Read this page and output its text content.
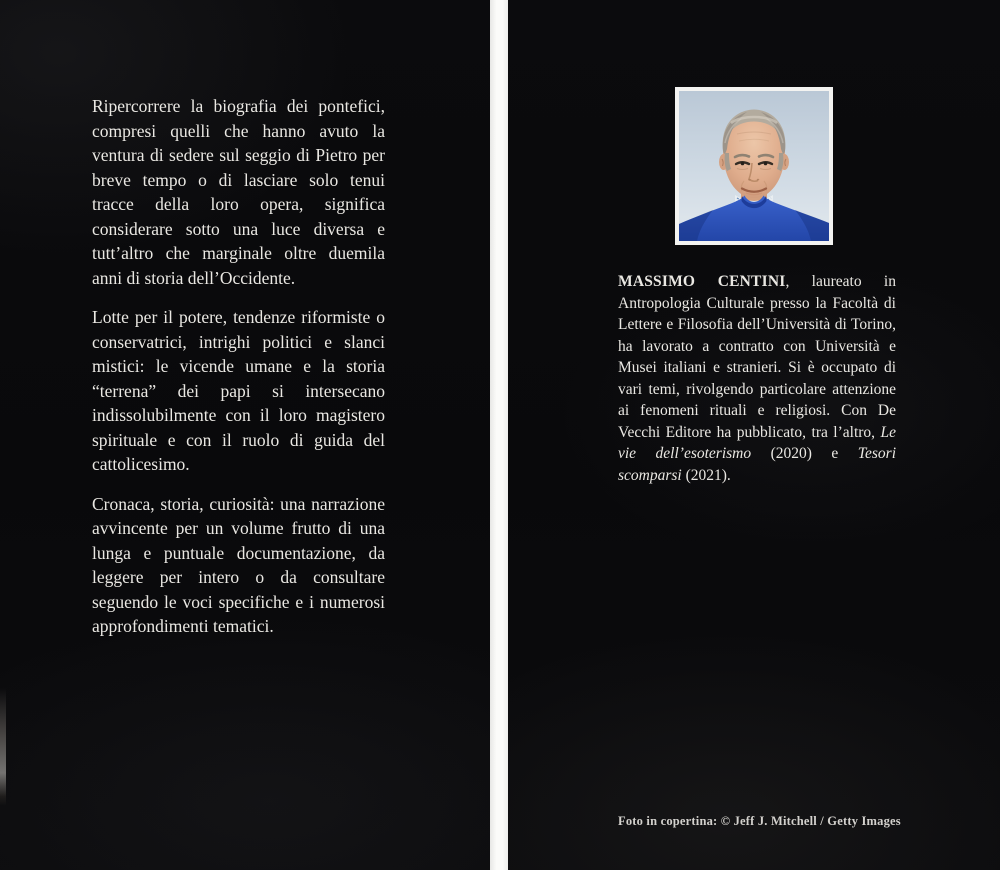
Ripercorrere la biografia dei pontefici, compresi quelli che hanno avuto la ventura di sedere sul seggio di Pietro per breve tempo o di lasciare solo tenui tracce della loro opera, significa considerare sotto una luce diversa e tutt’altro che marginale oltre duemila anni di storia dell’Occidente.

Lotte per il potere, tendenze riformiste o conservatrici, intrighi politici e slanci mistici: le vicende umane e la storia “terrena” dei papi si intersecano indissolubilmente con il loro magistero spirituale e con il ruolo di guida del cattolicesimo.

Cronaca, storia, curiosità: una narrazione avvincente per un volume frutto di una lunga e puntuale documentazione, da leggere per intero o da consultare seguendo le voci specifiche e i numerosi approfondimenti tematici.

MASSIMO CENTINI, laureato in Antropologia Culturale presso la Facoltà di Lettere e Filosofia dell’Università di Torino, ha lavorato a contratto con Università e Musei italiani e stranieri. Si è occupato di vari temi, rivolgendo particolare attenzione ai fenomeni rituali e religiosi. Con De Vecchi Editore ha pubblicato, tra l’altro, Le vie dell’esoterismo (2020) e Tesori scomparsi (2021).

Foto in copertina: © Jeff J. Mitchell / Getty Images
